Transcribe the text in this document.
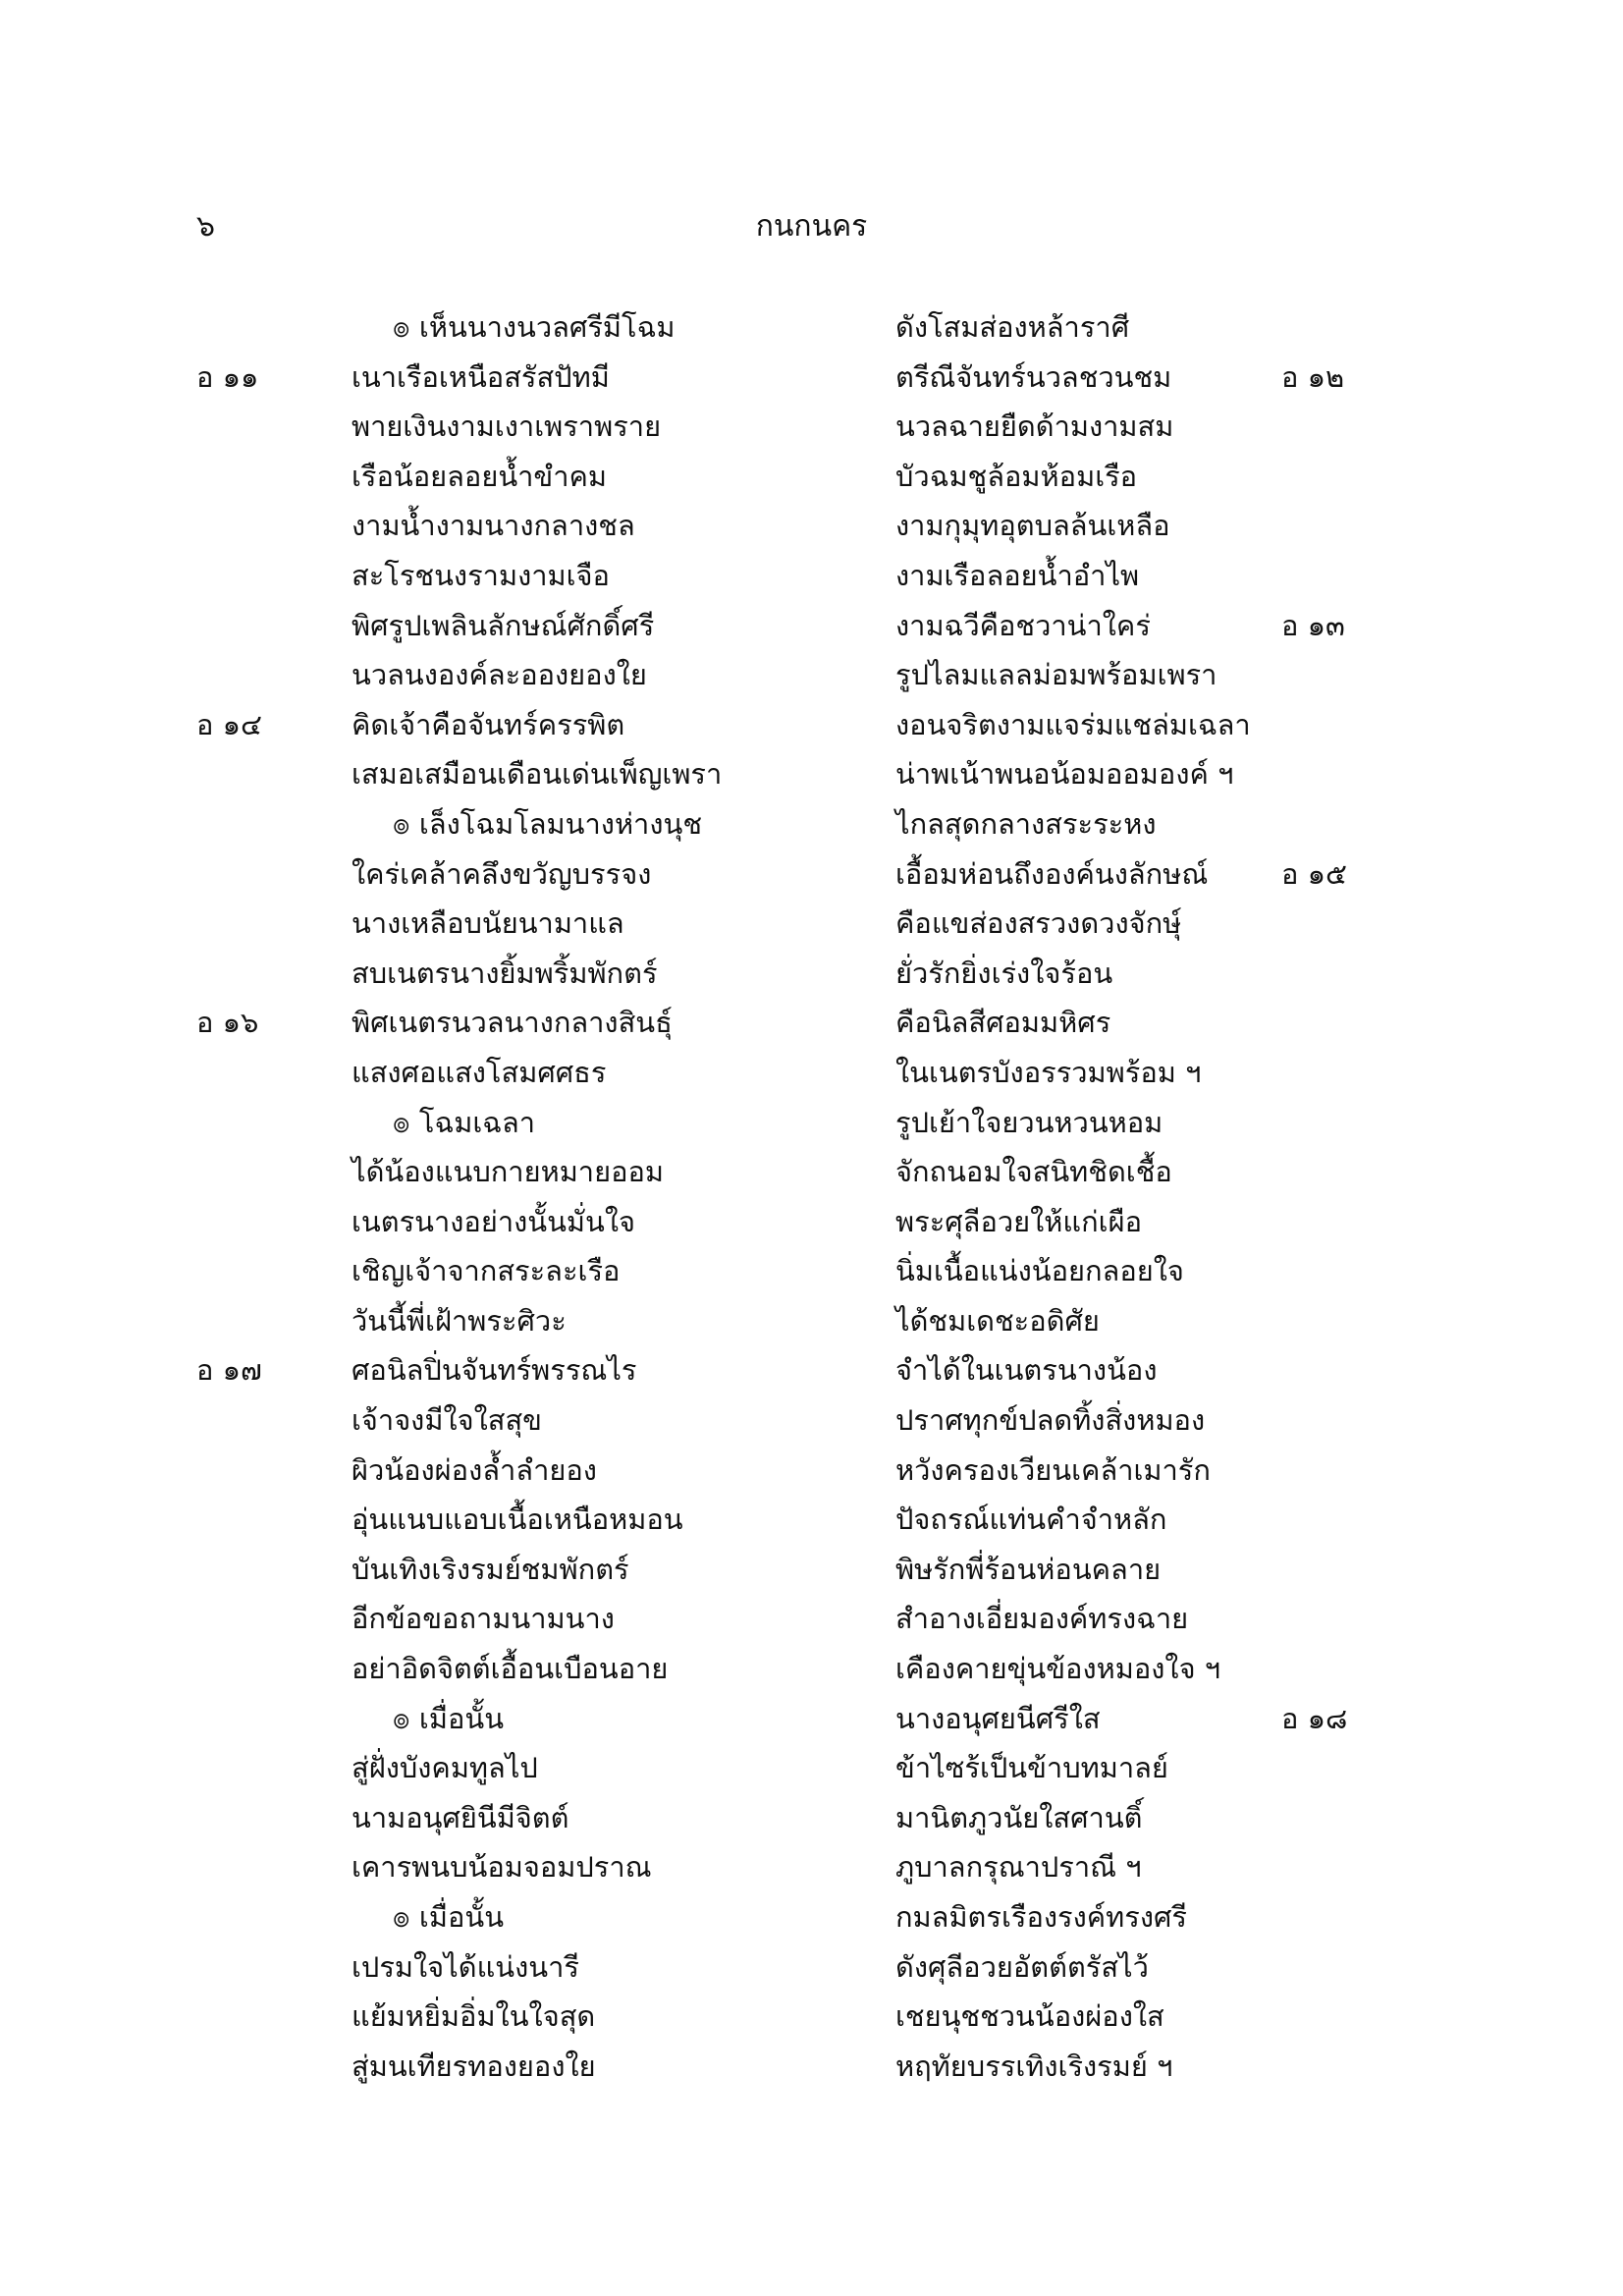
๖	กนกนคร
๏ เห็นนางนวลศรีมีโฉม	ดังโสมส่องหล้าราศี
อ ๑๑	เนาเรือเหนือสรัสปัทมี	ตรีณีจันทร์นวลชวนชม	อ ๑๒
พายเงินงามเงาเพราพราย	นวลฉายยืดด้ามงามสม
เรือน้อยลอยน้ำขำคม	บัวฉมชูล้อมห้อมเรือ
งามน้ำงามนางกลางชล	งามกุมุทอุตบลล้นเหลือ
สะโรชนงรามงามเจือ	งามเรือลอยน้ำอำไพ
พิศรูปเพลินลักษณ์ศักดิ์ศรี	งามฉวีคือชวาน่าใคร่	อ ๑๓
นวลนงองค์ละอองยองใย	รูปไลมแลลม่อมพร้อมเพรา
อ ๑๔	คิดเจ้าคือจันทร์ครรพิต	งอนจริตงามแจร่มแชล่มเฉลา
เสมอเสมือนเดือนเด่นเพ็ญเพรา	น่าพเน้าพนอน้อมออมองค์ ฯ
๏ เล็งโฉมโลมนางห่างนุช	ไกลสุดกลางสระระหง
ใคร่เคล้าคลึงขวัญบรรจง	เอื้อมห่อนถึงองค์นงลักษณ์	อ ๑๕
นางเหลือบนัยนามาแล	คือแขส่องสรวงดวงจักษุ์
สบเนตรนางยิ้มพริ้มพักตร์	ยั่วรักยิ่งเร่งใจร้อน
อ ๑๖	พิศเนตรนวลนางกลางสินธุ์	คือนิลสีศอมมหิศร
แสงศอแสงโสมศศธร	ในเนตรบังอรรวมพร้อม ฯ
๏ โฉมเฉลา	รูปเย้าใจยวนหวนหอม
ได้น้องแนบกายหมายออม	จักถนอมใจสนิทชิดเชื้อ
เนตรนางอย่างนั้นมั่นใจ	พระศุลีอวยให้แก่เผือ
เชิญเจ้าจากสระละเรือ	นิ่มเนื้อแน่งน้อยกลอยใจ
วันนี้พี่เฝ้าพระศิวะ	ได้ชมเดชะอดิศัย
อ ๑๗	ศอนิลปิ่นจันทร์พรรณไร	จำได้ในเนตรนางน้อง
เจ้าจงมีใจใสสุข	ปราศทุกข์ปลดทิ้งสิ่งหมอง
ผิวน้องผ่องล้ำลำยอง	หวังครองเวียนเคล้าเมารัก
อุ่นแนบแอบเนื้อเหนือหมอน	ปัจถรณ์แท่นคำจำหลัก
บันเทิงเริงรมย์ชมพักตร์	พิษรักพี่ร้อนห่อนคลาย
อีกข้อขอถามนามนาง	สำอางเอี่ยมองค์ทรงฉาย
อย่าอิดจิตต์เอื้อนเบือนอาย	เคืองคายขุ่นข้องหมองใจ ฯ
๏ เมื่อนั้น	นางอนุศยนีศรีใส	อ ๑๘
สู่ฝั่งบังคมทูลไป	ข้าไซร้เป็นข้าบทมาลย์
นามอนุศยินีมีจิตต์	มานิตภูวนัยใสศานติ์
เคารพนบน้อมจอมปราณ	ภูบาลกรุณาปราณี ฯ
๏ เมื่อนั้น	กมลมิตรเรืองรงค์ทรงศรี
เปรมใจได้แน่งนารี	ดังศุลีอวยอัตต์ตรัสไว้
แย้มหยิ่มอิ่มในใจสุด	เชยนุชชวนน้องผ่องใส
สู่มนเทียรทองยองใย	หฤทัยบรรเทิงเริงรมย์ ฯ
